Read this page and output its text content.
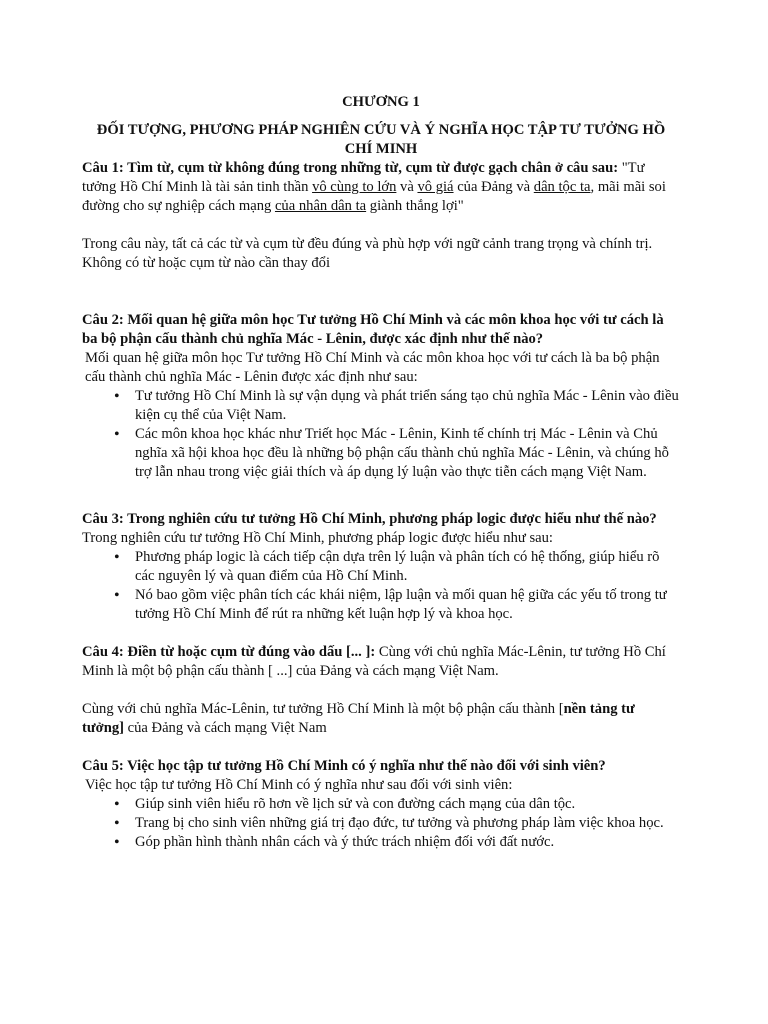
CHƯƠNG 1

ĐỐI TƯỢNG, PHƯƠNG PHÁP NGHIÊN CỨU VÀ Ý NGHĨA HỌC TẬP TƯ TƯỞNG HỒ CHÍ MINH

Câu 1: Tìm từ, cụm từ không đúng trong những từ, cụm từ được gạch chân ở câu sau: "Tư tưởng Hồ Chí Minh là tài sản tinh thần vô cùng to lớn và vô giá của Đảng và dân tộc ta, mãi mãi soi đường cho sự nghiệp cách mạng của nhân dân ta giành thắng lợi"

Trong câu này, tất cả các từ và cụm từ đều đúng và phù hợp với ngữ cảnh trang trọng và chính trị. Không có từ hoặc cụm từ nào cần thay đổi

Câu 2: Mối quan hệ giữa môn học Tư tưởng Hồ Chí Minh và các môn khoa học với tư cách là ba bộ phận cấu thành chủ nghĩa Mác - Lênin, được xác định như thế nào?

Mối quan hệ giữa môn học Tư tưởng Hồ Chí Minh và các môn khoa học với tư cách là ba bộ phận cấu thành chủ nghĩa Mác - Lênin được xác định như sau:

• Tư tưởng Hồ Chí Minh là sự vận dụng và phát triển sáng tạo chủ nghĩa Mác - Lênin vào điều kiện cụ thể của Việt Nam.
• Các môn khoa học khác như Triết học Mác - Lênin, Kinh tế chính trị Mác - Lênin và Chủ nghĩa xã hội khoa học đều là những bộ phận cấu thành chủ nghĩa Mác - Lênin, và chúng hỗ trợ lẫn nhau trong việc giải thích và áp dụng lý luận vào thực tiễn cách mạng Việt Nam.

Câu 3: Trong nghiên cứu tư tưởng Hồ Chí Minh, phương pháp logic được hiểu như thế nào?

Trong nghiên cứu tư tưởng Hồ Chí Minh, phương pháp logic được hiểu như sau:

• Phương pháp logic là cách tiếp cận dựa trên lý luận và phân tích có hệ thống, giúp hiểu rõ các nguyên lý và quan điểm của Hồ Chí Minh.
• Nó bao gồm việc phân tích các khái niệm, lập luận và mối quan hệ giữa các yếu tố trong tư tưởng Hồ Chí Minh để rút ra những kết luận hợp lý và khoa học.

Câu 4: Điền từ hoặc cụm từ đúng vào dấu [... ]: Cùng với chủ nghĩa Mác-Lênin, tư tưởng Hồ Chí Minh là một bộ phận cấu thành [ ...] của Đảng và cách mạng Việt Nam.

Cùng với chủ nghĩa Mác-Lênin, tư tưởng Hồ Chí Minh là một bộ phận cấu thành [nền tảng tư tưởng] của Đảng và cách mạng Việt Nam

Câu 5: Việc học tập tư tưởng Hồ Chí Minh có ý nghĩa như thế nào đối với sinh viên?

Việc học tập tư tưởng Hồ Chí Minh có ý nghĩa như sau đối với sinh viên:

• Giúp sinh viên hiểu rõ hơn về lịch sử và con đường cách mạng của dân tộc.
• Trang bị cho sinh viên những giá trị đạo đức, tư tưởng và phương pháp làm việc khoa học.
• Góp phần hình thành nhân cách và ý thức trách nhiệm đối với đất nước.
